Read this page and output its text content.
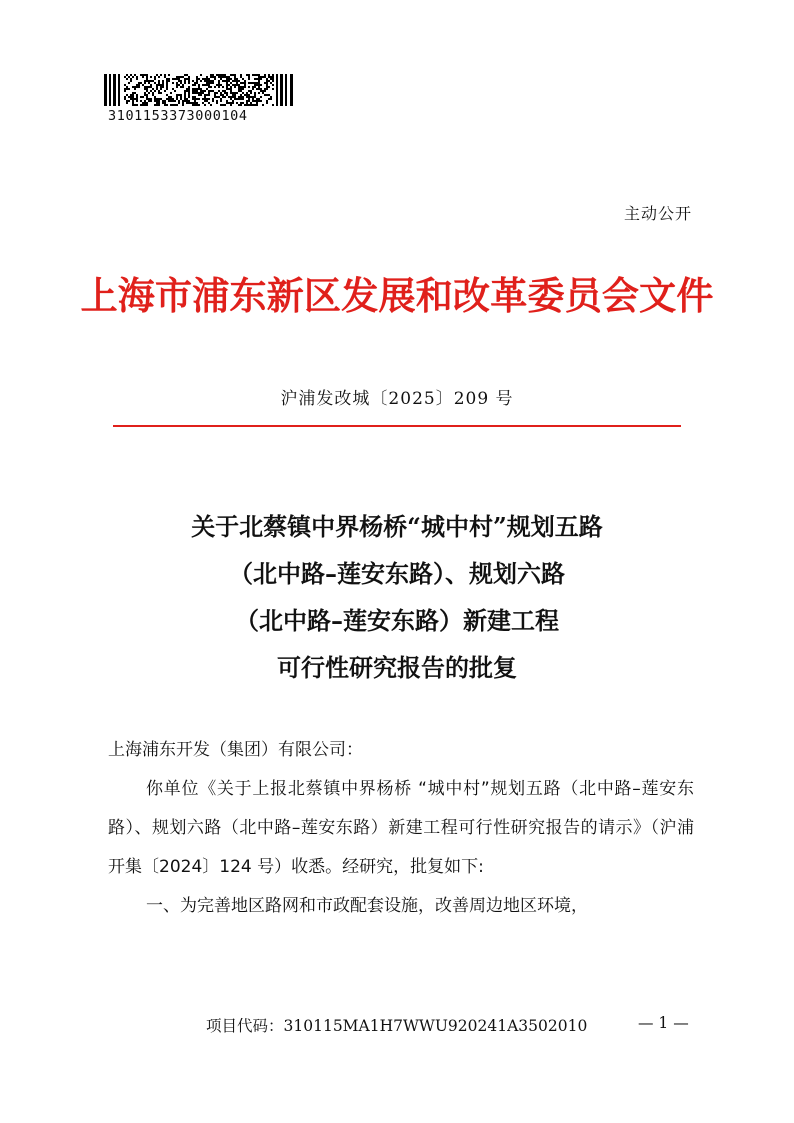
3101153373000104
主动公开
上海市浦东新区发展和改革委员会文件
沪浦发改城〔2025〕209 号
关于北蔡镇中界杨桥“城中村”规划五路
（北中路–莲安东路）、规划六路
（北中路–莲安东路）新建工程
可行性研究报告的批复

上海浦东开发（集团）有限公司：

你单位《关于上报北蔡镇中界杨桥 “城中村”规划五路（北中路–莲安东路）、规划六路（北中路–莲安东路）新建工程可行性研究报告的请示》（沪浦开集〔2024〕124 号）收悉。经研究，批复如下:

一、为完善地区路网和市政配套设施，改善周边地区环境，

项目代码：310115MA1H7WWU920241A3502010	— 1 —
